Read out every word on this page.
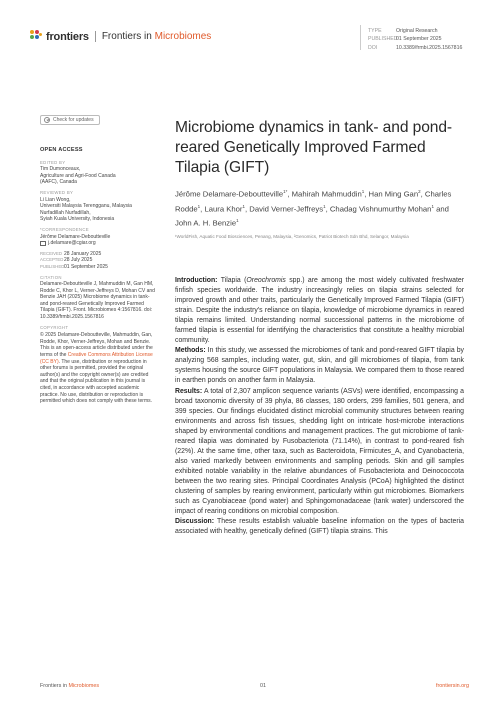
frontiers Frontiers in Microbiomes	TYPE	Original Research
PUBLISHED01 September 2025
DOI	10.3389/frmbi.2025.1567816
Check for updates
OPEN ACCESS
EDITED BY
Tim Dumonceaux,
Agriculture and Agri-Food Canada
(AAFC), Canada
REVIEWED BY
Li Lian Wong,
Universiti Malaysia Terengganu, Malaysia
Nurfadillah Nurfadillah,
Syiah Kuala University, Indonesia
*CORRESPONDENCE
Jérôme Delamare-Deboutteville
j.delamare@cgiar.org
RECEIVED 28 January 2025
ACCEPTED28 July 2025
PUBLISHED01 September 2025
CITATION
Delamare-Deboutteville J, Mahmuddin M, Gan HM, Rodde C, Khor L, Verner-Jeffreys D, Mohan CV and Benzie JAH (2025) Microbiome dynamics in tank- and pond-reared Genetically Improved Farmed Tilapia (GIFT). Front. Microbiomes 4:1567816. doi: 10.3389/frmbi.2025.1567816
COPYRIGHT
© 2025 Delamare-Deboutteville, Mahmuddin, Gan, Rodde, Khor, Verner-Jeffreys, Mohan and Benzie. This is an open-access article distributed under the terms of the Creative Commons Attribution License (CC BY). The use, distribution or reproduction in other forums is permitted, provided the original author(s) and the copyright owner(s) are credited and that the original publication in this journal is cited, in accordance with accepted academic practice. No use, distribution or reproduction is permitted which does not comply with these terms.
Microbiome dynamics in tank- and pond-reared Genetically Improved Farmed Tilapia (GIFT)
Jérôme Delamare-Deboutteville$^{1*}$, Mahirah Mahmuddin$^1$, Han Ming Gan$^2$, Charles Rodde$^1$, Laura Khor$^1$, David Verner-Jeffreys$^1$, Chadag Vishnumurthy Mohan$^1$ and John A. H. Benzie$^1$
¹WorldFish, Aquatic Food Biosciences, Penang, Malaysia, ²Genomics, Patriot Biotech Sdn Bhd, Selangor, Malaysia

Introduction: Tilapia (Oreochromis spp.) are among the most widely cultivated freshwater finfish species worldwide. The industry increasingly relies on tilapia strains selected for improved growth and other traits, particularly the Genetically Improved Farmed Tilapia (GIFT) strain. Despite the industry's reliance on tilapia, knowledge of microbiome dynamics in reared tilapia remains limited. Understanding normal successional patterns in the microbiome of farmed tilapia is essential for identifying the characteristics that constitute a healthy microbial community.

Methods: In this study, we assessed the microbiomes of tank and pond-reared GIFT tilapia by analyzing 568 samples, including water, gut, skin, and gill microbiomes of tilapia, from tank systems housing the source GIFT populations in Malaysia. We compared them to those reared in earthen ponds on another farm in Malaysia.

Results: A total of 2,307 amplicon sequence variants (ASVs) were identified, encompassing a broad taxonomic diversity of 39 phyla, 86 classes, 180 orders, 299 families, 501 genera, and 399 species. Our findings elucidated distinct microbial community structures between rearing environments and across fish tissues, shedding light on intricate host-microbe interactions shaped by environmental conditions and management practices. The gut microbiome of tank-reared tilapia was dominated by Fusobacteriota (71.14%), in contrast to pond-reared fish (22%). At the same time, other taxa, such as Bacteroidota, Firmicutes_A, and Cyanobacteria, also varied markedly between environments and sampling periods. Skin and gill samples exhibited notable variability in the relative abundances of Fusobacteriota and Deinococcota between the two rearing sites. Principal Coordinates Analysis (PCoA) highlighted the distinct clustering of samples by rearing environment, particularly within gut microbiomes. Biomarkers such as Cyanobiaceae (pond water) and Sphingomonadaceae (tank water) underscored the impact of rearing conditions on microbial composition.

Discussion: These results establish valuable baseline information on the types of bacteria associated with healthy, genetically defined (GIFT) tilapia strains. This

Frontiers in Microbiomes	01	frontiersin.org
